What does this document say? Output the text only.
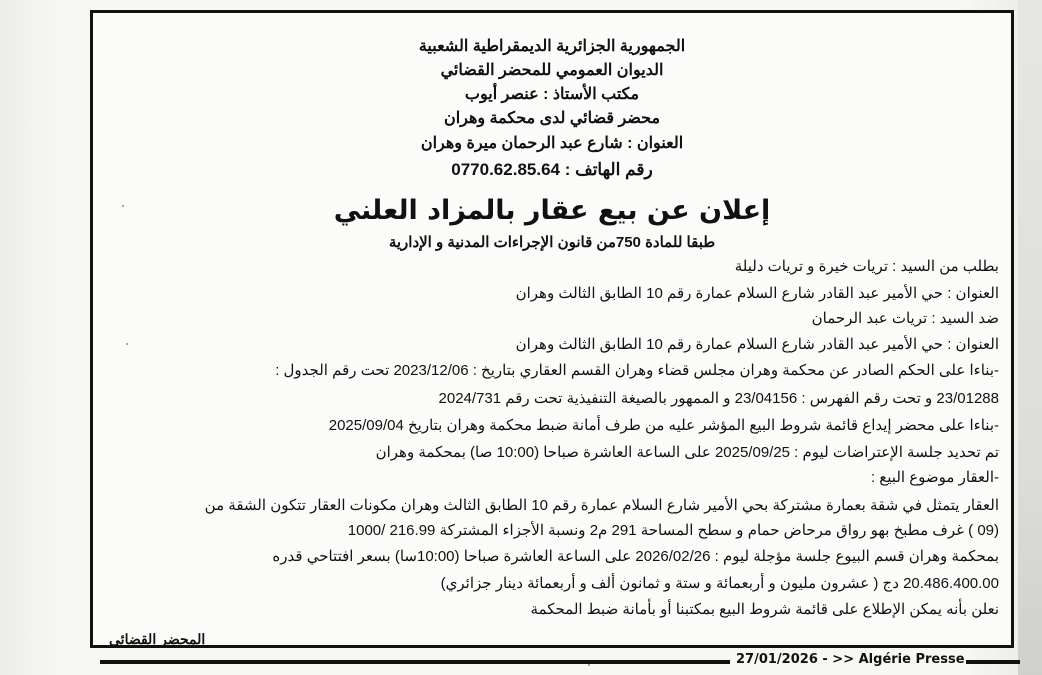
الجمهورية الجزائرية الديمقراطية الشعبية
الديوان العمومي للمحضر القضائي
مكتب الأستاذ : عنصر أيوب
محضر قضائي لدى محكمة وهران
العنوان : شارع عبد الرحمان ميرة وهران
رقم الهاتف : 0770.62.85.64
إعلان عن بيع عقار بالمزاد العلني
طبقا للمادة 750من قانون الإجراءات المدنية و الإدارية
بطلب من السيد : تريات خيرة و تريات دليلة
العنوان : حي الأمير عبد القادر شارع السلام عمارة رقم 10 الطابق الثالث وهران
ضد السيد : تريات عبد الرحمان
العنوان : حي الأمير عبد القادر شارع السلام عمارة رقم 10 الطابق الثالث وهران
-بناءا على الحكم الصادر عن محكمة وهران مجلس قضاء وهران القسم العقاري بتاريخ : 2023/12/06 تحت رقم الجدول :
23/01288 و تحت رقم الفهرس : 23/04156 و الممهور بالصيغة التنفيذية تحت رقم 2024/731
-بناءا على محضر إيداع قائمة شروط البيع المؤشر عليه من طرف أمانة ضبط محكمة وهران بتاريخ 2025/09/04
تم تحديد جلسة الإعتراضات ليوم : 2025/09/25 على الساعة العاشرة صباحا (10:00 صا) بمحكمة وهران
-العقار موضوع البيع :
العقار يتمثل في شقة بعمارة مشتركة بحي الأمير شارع السلام عمارة رقم 10 الطابق الثالث وهران مكونات العقار تتكون الشقة من
(09 ) غرف مطبخ بهو رواق مرحاض حمام و سطح المساحة 291 م2 ونسبة الأجزاء المشتركة 216.99 /1000
بمحكمة وهران قسم البيوع جلسة مؤجلة ليوم : 2026/02/26 على الساعة العاشرة صباحا (10:00سا) بسعر افتتاحي قدره
20.486.400.00 دج ( عشرون مليون و أربعمائة و ستة و ثمانون ألف و أربعمائة دينار جزائري)
نعلن بأنه يمكن الإطلاع على قائمة شروط البيع بمكتبنا أو بأمانة ضبط المحكمة
المحضر القضائي
27/01/2026 - >> Algérie Presse
